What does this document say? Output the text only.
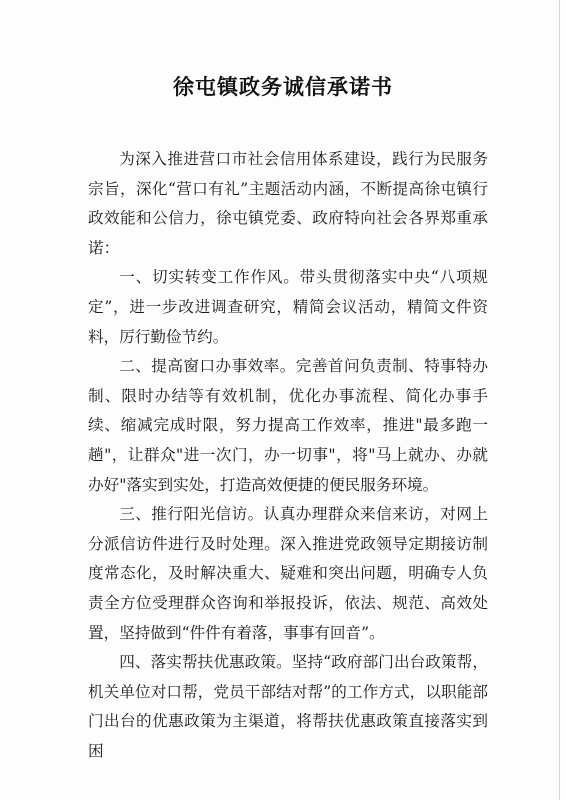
徐屯镇政务诚信承诺书

为深入推进营口市社会信用体系建设，践行为民服务宗旨，深化“营口有礼”主题活动内涵，不断提高徐屯镇行政效能和公信力，徐屯镇党委、政府特向社会各界郑重承诺：

一、切实转变工作作风。带头贯彻落实中央“八项规定”，进一步改进调查研究，精简会议活动，精简文件资料，厉行勤俭节约。

二、提高窗口办事效率。完善首问负责制、特事特办制、限时办结等有效机制，优化办事流程、简化办事手续、缩减完成时限，努力提高工作效率，推进"最多跑一趟"，让群众"进一次门，办一切事"，将"马上就办、办就办好"落实到实处，打造高效便捷的便民服务环境。

三、推行阳光信访。认真办理群众来信来访，对网上分派信访件进行及时处理。深入推进党政领导定期接访制度常态化，及时解决重大、疑难和突出问题，明确专人负责全方位受理群众咨询和举报投诉，依法、规范、高效处置，坚持做到“件件有着落，事事有回音”。

四、落实帮扶优惠政策。坚持“政府部门出台政策帮，机关单位对口帮，党员干部结对帮”的工作方式，以职能部门出台的优惠政策为主渠道，将帮扶优惠政策直接落实到困
